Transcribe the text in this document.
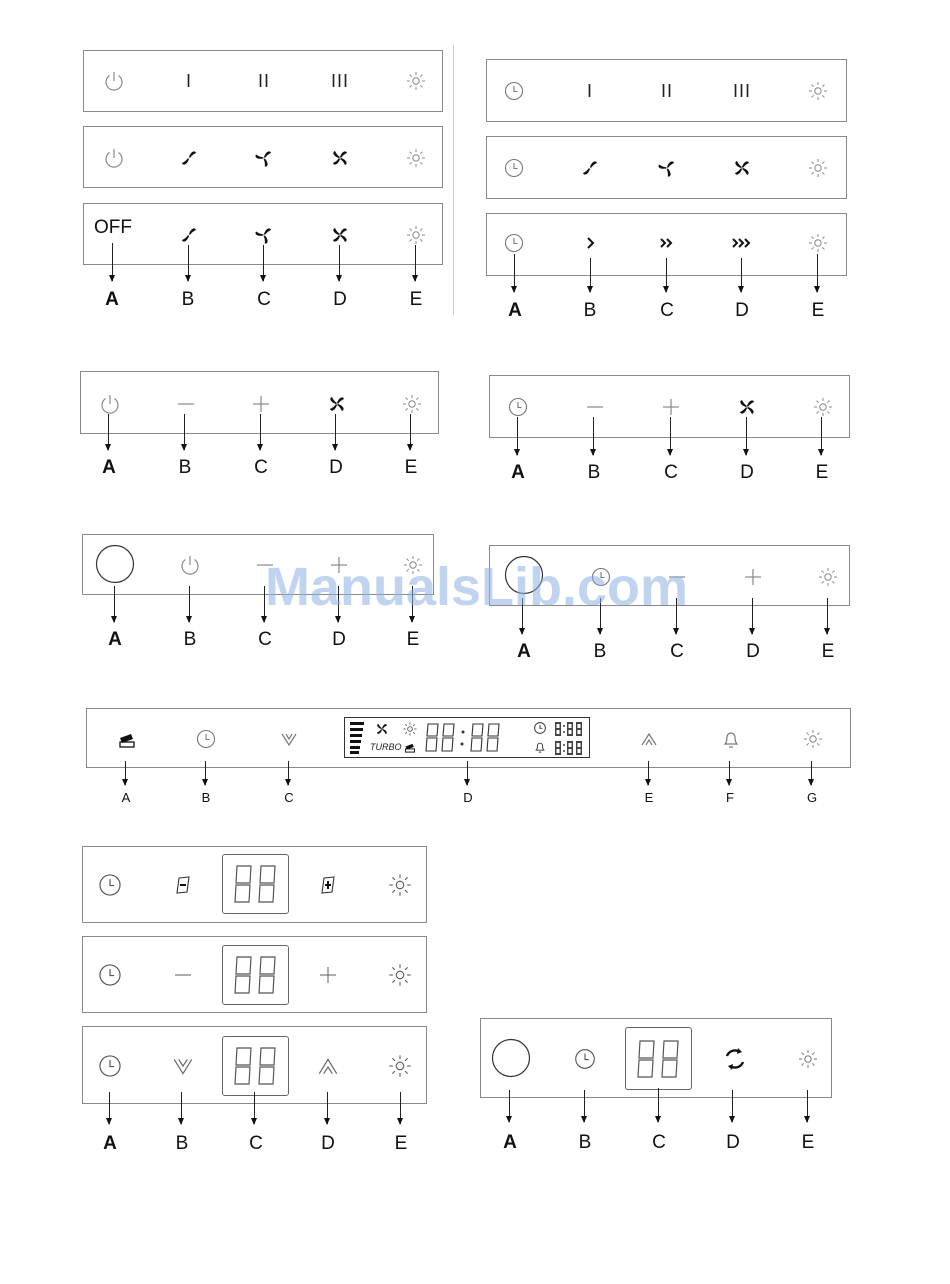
I	II	III
OFF
A	B	C	D	E
I	II	III
A	B	C	D	E
A	B	C	D	E	A	B	C	D	E
A	B	C	D	E
A	B	C	D	E
ManualsLib.com
TURBO
A	B	C	D	E	F	G
A	B	C	D	E	A	B	C	D	E
